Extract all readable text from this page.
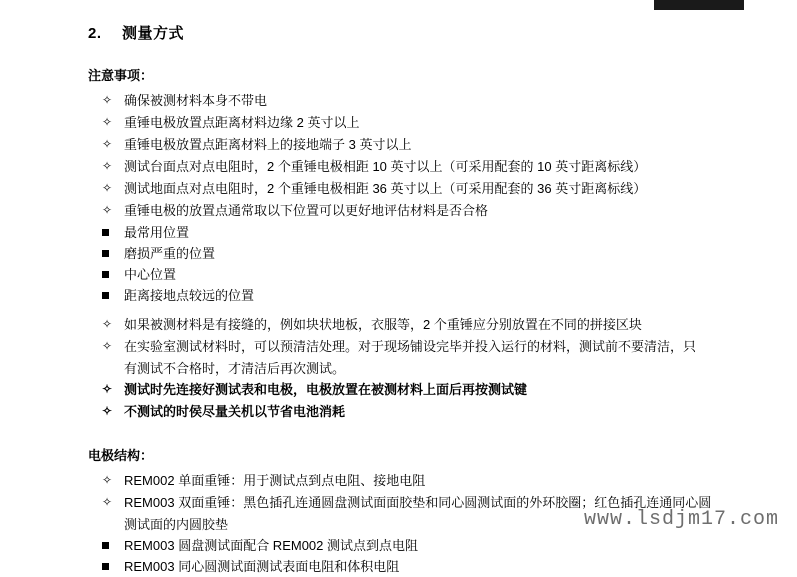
2.	测量方式
注意事项：
✧ 确保被测材料本身不带电
✧ 重锤电极放置点距离材料边缘 2 英寸以上
✧ 重锤电极放置点距离材料上的接地端子 3 英寸以上
✧ 测试台面点对点电阻时，2 个重锤电极相距 10 英寸以上（可采用配套的 10 英寸距离标线）
✧ 测试地面点对点电阻时，2 个重锤电极相距 36 英寸以上（可采用配套的 36 英寸距离标线）
✧ 重锤电极的放置点通常取以下位置可以更好地评估材料是否合格
最常用位置
磨损严重的位置
中心位置
距离接地点较远的位置
✧ 如果被测材料是有接缝的，例如块状地板，衣服等，2 个重锤应分别放置在不同的拼接区块
✧ 在实验室测试材料时，可以预清洁处理。对于现场铺设完毕并投入运行的材料，测试前不要清洁，只
有测试不合格时，才清洁后再次测试。
✧ 测试时先连接好测试表和电极，电极放置在被测材料上面后再按测试键
✧ 不测试的时侯尽量关机以节省电池消耗
电极结构：
✧ REM002 单面重锤：用于测试点到点电阻、接地电阻
✧ REM003 双面重锤：黑色插孔连通圆盘测试面面胶垫和同心圆测试面的外环胶圈；红色插孔连通同心圆
测试面的内圆胶垫
REM003 圆盘测试面配合 REM002 测试点到点电阻
REM003 同心圆测试面测试表面电阻和体积电阻
www.lsdjm17.com
